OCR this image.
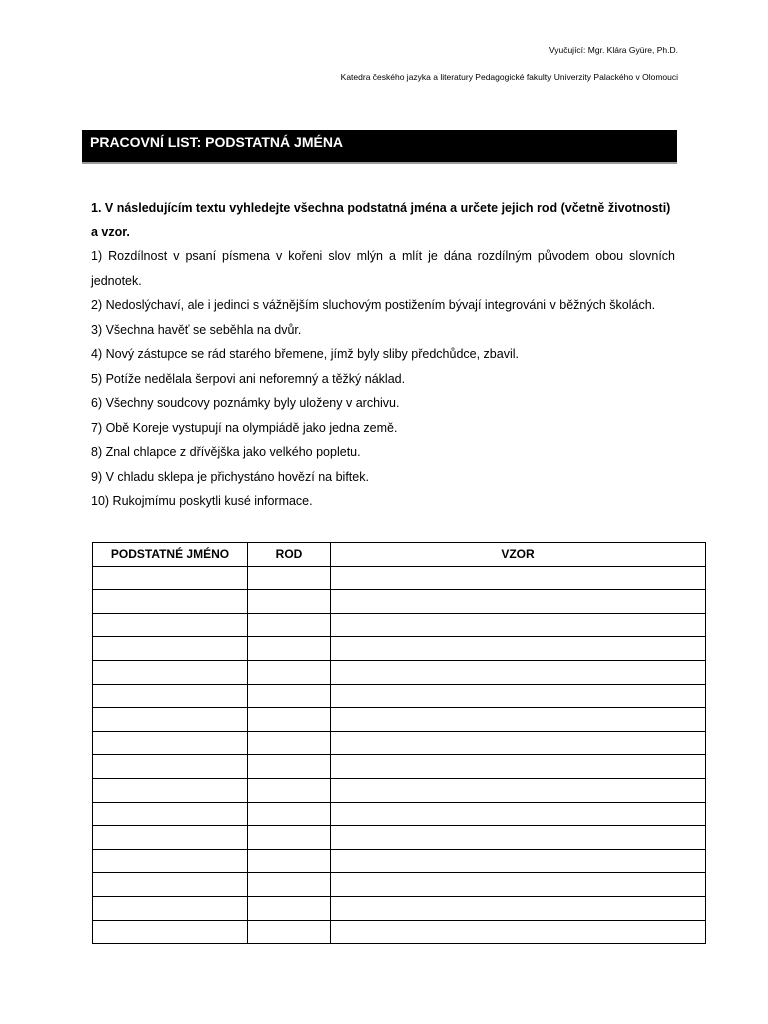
Vyučující: Mgr. Klára Gyüre, Ph.D.
Katedra českého jazyka a literatury Pedagogické fakulty Univerzity Palackého v Olomouci
PRACOVNÍ LIST: PODSTATNÁ JMÉNA

1. V následujícím textu vyhledejte všechna podstatná jména a určete jejich rod (včetně životnosti)

a vzor.

1) Rozdílnost v psaní písmena v kořeni slov mlýn a mlít je dána rozdílným původem obou slovních jednotek.

2) Nedoslýchaví, ale i jedinci s vážnějším sluchovým postižením bývají integrováni v běžných školách.

3) Všechna havěť se seběhla na dvůr.

4) Nový zástupce se rád starého břemene, jímž byly sliby předchůdce, zbavil.

5) Potíže nedělala šerpovi ani neforemný a těžký náklad.

6) Všechny soudcovy poznámky byly uloženy v archivu.

7) Obě Koreje vystupují na olympiádě jako jedna země.

8) Znal chlapce z dřívějška jako velkého popletu.

9) V chladu sklepa je přichystáno hovězí na biftek.

10) Rukojmímu poskytli kusé informace.

PODSTATNÉ JMÉNO	ROD	VZOR
